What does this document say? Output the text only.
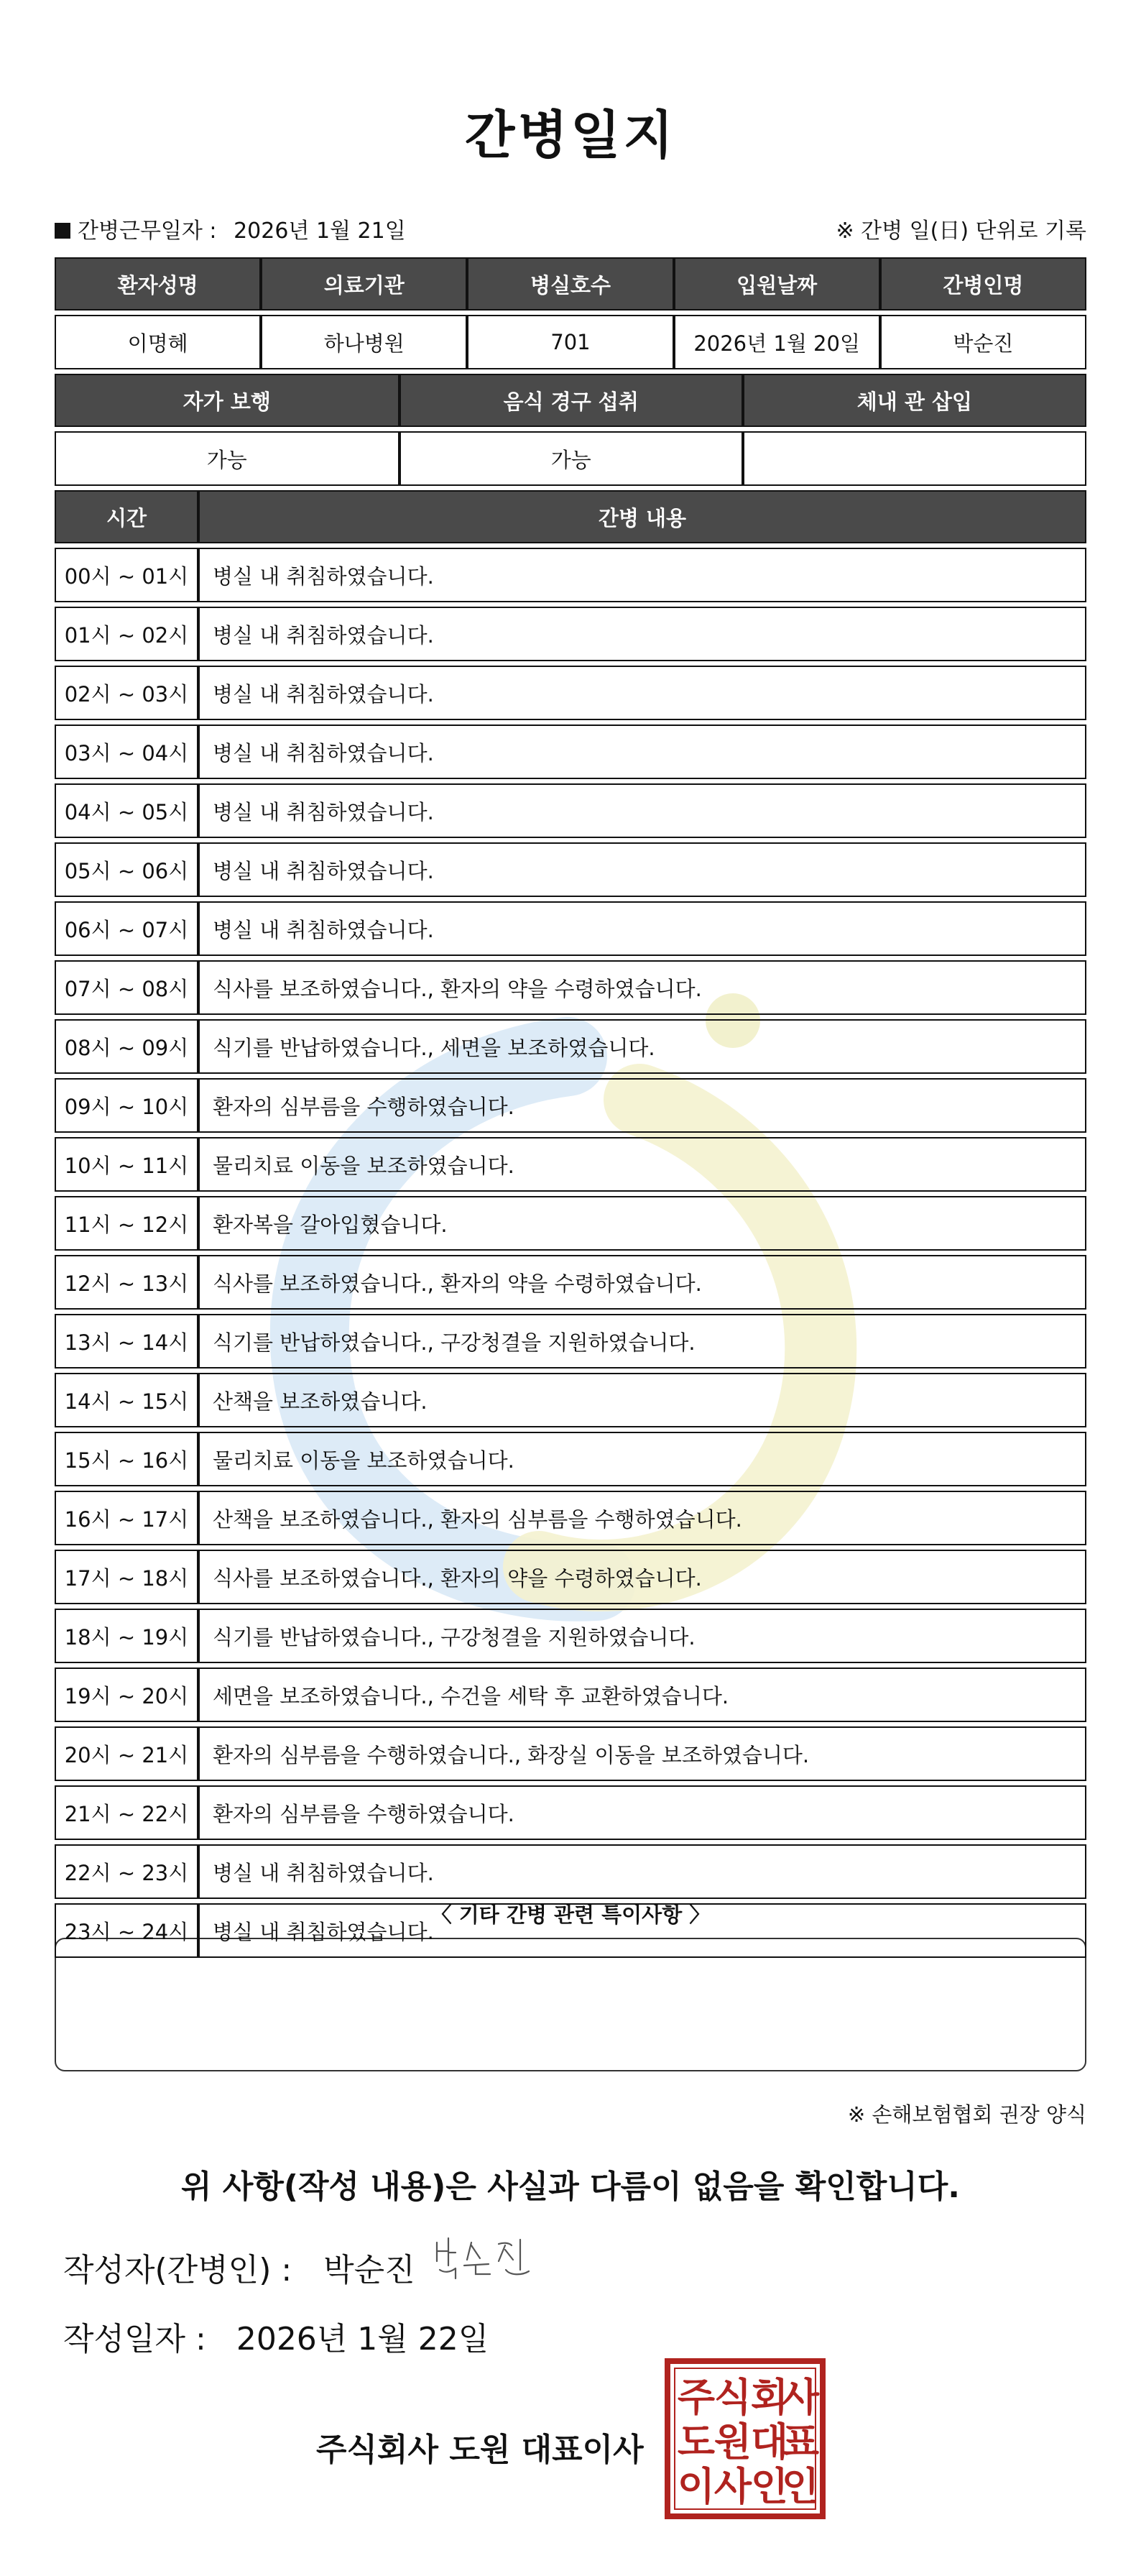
간병일지
간병근무일자 : 2026년 1월 21일	※ 간병 일(日) 단위로 기록
환자성명	의료기관	병실호수	입원날짜	간병인명
이명혜	하나병원	701	2026년 1월 20일	박순진
자가 보행	음식 경구 섭취	체내 관 삽입
가능	가능	
시간	간병 내용
00시 ~ 01시	병실 내 취침하였습니다.
01시 ~ 02시	병실 내 취침하였습니다.
02시 ~ 03시	병실 내 취침하였습니다.
03시 ~ 04시	병실 내 취침하였습니다.
04시 ~ 05시	병실 내 취침하였습니다.
05시 ~ 06시	병실 내 취침하였습니다.
06시 ~ 07시	병실 내 취침하였습니다.
07시 ~ 08시	식사를 보조하였습니다., 환자의 약을 수령하였습니다.
08시 ~ 09시	식기를 반납하였습니다., 세면을 보조하였습니다.
09시 ~ 10시	환자의 심부름을 수행하였습니다.
10시 ~ 11시	물리치료 이동을 보조하였습니다.
11시 ~ 12시	환자복을 갈아입혔습니다.
12시 ~ 13시	식사를 보조하였습니다., 환자의 약을 수령하였습니다.
13시 ~ 14시	식기를 반납하였습니다., 구강청결을 지원하였습니다.
14시 ~ 15시	산책을 보조하였습니다.
15시 ~ 16시	물리치료 이동을 보조하였습니다.
16시 ~ 17시	산책을 보조하였습니다., 환자의 심부름을 수행하였습니다.
17시 ~ 18시	식사를 보조하였습니다., 환자의 약을 수령하였습니다.
18시 ~ 19시	식기를 반납하였습니다., 구강청결을 지원하였습니다.
19시 ~ 20시	세면을 보조하였습니다., 수건을 세탁 후 교환하였습니다.
20시 ~ 21시	환자의 심부름을 수행하였습니다., 화장실 이동을 보조하였습니다.
21시 ~ 22시	환자의 심부름을 수행하였습니다.
22시 ~ 23시	병실 내 취침하였습니다.
23시 ~ 24시	병실 내 취침하였습니다.
〈 기타 간병 관련 특이사항 〉
※ 손해보험협회 권장 양식
위 사항(작성 내용)은 사실과 다름이 없음을 확인합니다.
작성자(간병인) : 박순진
작성일자 : 2026년 1월 22일
주식회사 도원 대표이사
주
식
회
사
도
원
대
표
이
사
인
인
